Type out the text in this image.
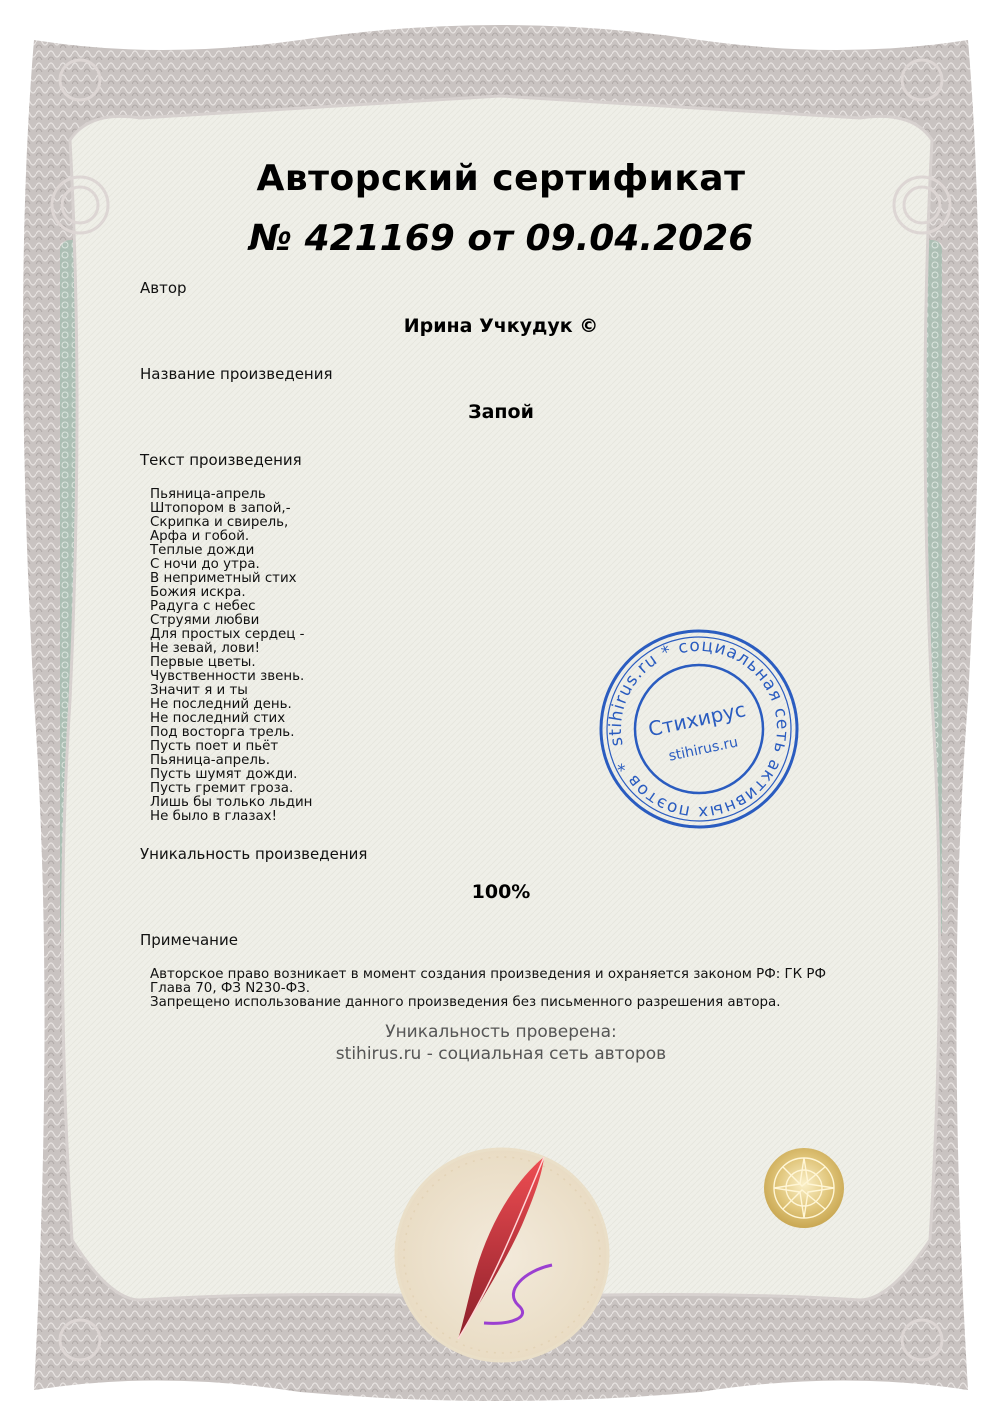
Авторский сертификат
№ 421169 от 09.04.2026
Автор
Ирина Учкудук ©
Название произведения
Запой
Текст произведения
Пьяница-апрель
Штопором в запой,-
Скрипка и свирель,
Арфа и гобой.
Теплые дожди
С ночи до утра.
В неприметный стих
Божия искра.
Радуга с небес
Струями любви
Для простых сердец -
Не зевай, лови!
Первые цветы.
Чувственности звень.
Значит я и ты
Не последний день.
Не последний стих
Под восторга трель.
Пусть поет и пьёт
Пьяница-апрель.
Пусть шумят дожди.
Пусть гремит гроза.
Лишь бы только льдин
Не было в глазах!
Уникальность произведения
100%
Примечание
Авторское право возникает в момент создания произведения и охраняется законом РФ: ГК РФ Глава 70, ФЗ N230-ФЗ.
Запрещено использование данного произведения без письменного разрешения автора.
Уникальность проверена:
stihirus.ru - социальная сеть авторов
stihirus.ru * социальная сеть активных поэтов *
Стихирус
stihirus.ru
